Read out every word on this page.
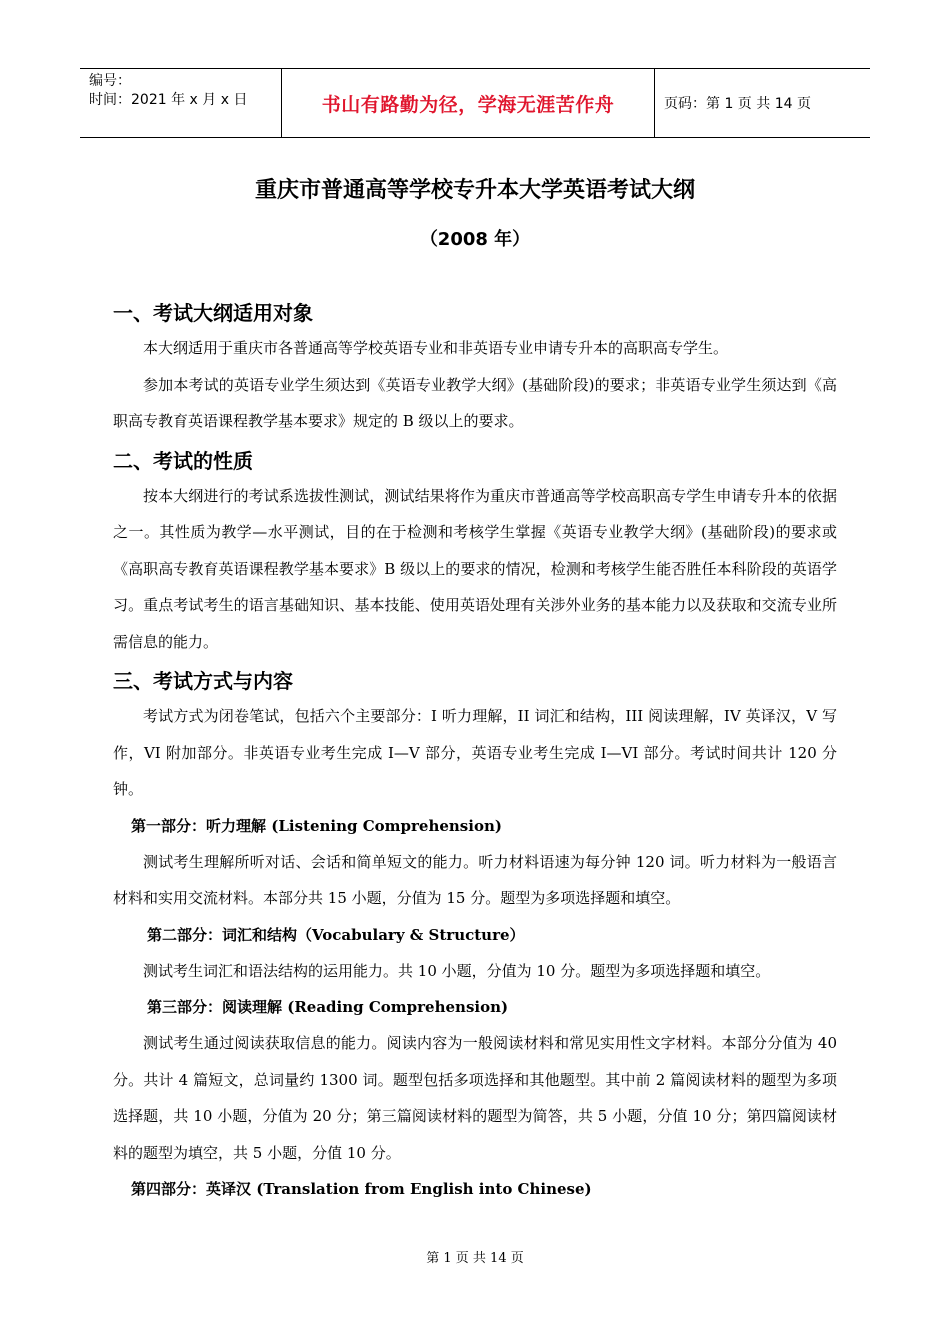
编号：
时间：2021 年 x 月 x 日	书山有路勤为径，学海无涯苦作舟	页码：第 1 页 共 14 页
重庆市普通高等学校专升本大学英语考试大纲
（2008 年）
一、考试大纲适用对象

本大纲适用于重庆市各普通高等学校英语专业和非英语专业申请专升本的高职高专学生。

参加本考试的英语专业学生须达到《英语专业教学大纲》(基础阶段)的要求；非英语专业学生须达到《高职高专教育英语课程教学基本要求》规定的 B 级以上的要求。

二、考试的性质

按本大纲进行的考试系选拔性测试，测试结果将作为重庆市普通高等学校高职高专学生申请专升本的依据之一。其性质为教学—水平测试，目的在于检测和考核学生掌握《英语专业教学大纲》(基础阶段)的要求或《高职高专教育英语课程教学基本要求》B 级以上的要求的情况，检测和考核学生能否胜任本科阶段的英语学习。重点考试考生的语言基础知识、基本技能、使用英语处理有关涉外业务的基本能力以及获取和交流专业所需信息的能力。

三、考试方式与内容

考试方式为闭卷笔试，包括六个主要部分：I 听力理解，II 词汇和结构，III 阅读理解，IV 英译汉，V 写作，VI 附加部分。非英语专业考生完成 I—V 部分，英语专业考生完成 I—VI 部分。考试时间共计 120 分钟。

第一部分：听力理解 (Listening Comprehension)

测试考生理解所听对话、会话和简单短文的能力。听力材料语速为每分钟 120 词。听力材料为一般语言材料和实用交流材料。本部分共 15 小题，分值为 15 分。题型为多项选择题和填空。

第二部分：词汇和结构（Vocabulary & Structure）

测试考生词汇和语法结构的运用能力。共 10 小题，分值为 10 分。题型为多项选择题和填空。

第三部分：阅读理解 (Reading Comprehension)

测试考生通过阅读获取信息的能力。阅读内容为一般阅读材料和常见实用性文字材料。本部分分值为 40 分。共计 4 篇短文，总词量约 1300 词。题型包括多项选择和其他题型。其中前 2 篇阅读材料的题型为多项选择题，共 10 小题，分值为 20 分；第三篇阅读材料的题型为简答，共 5 小题，分值 10 分；第四篇阅读材料的题型为填空，共 5 小题，分值 10 分。

第四部分：英译汉 (Translation from English into Chinese)

第 1 页 共 14 页
